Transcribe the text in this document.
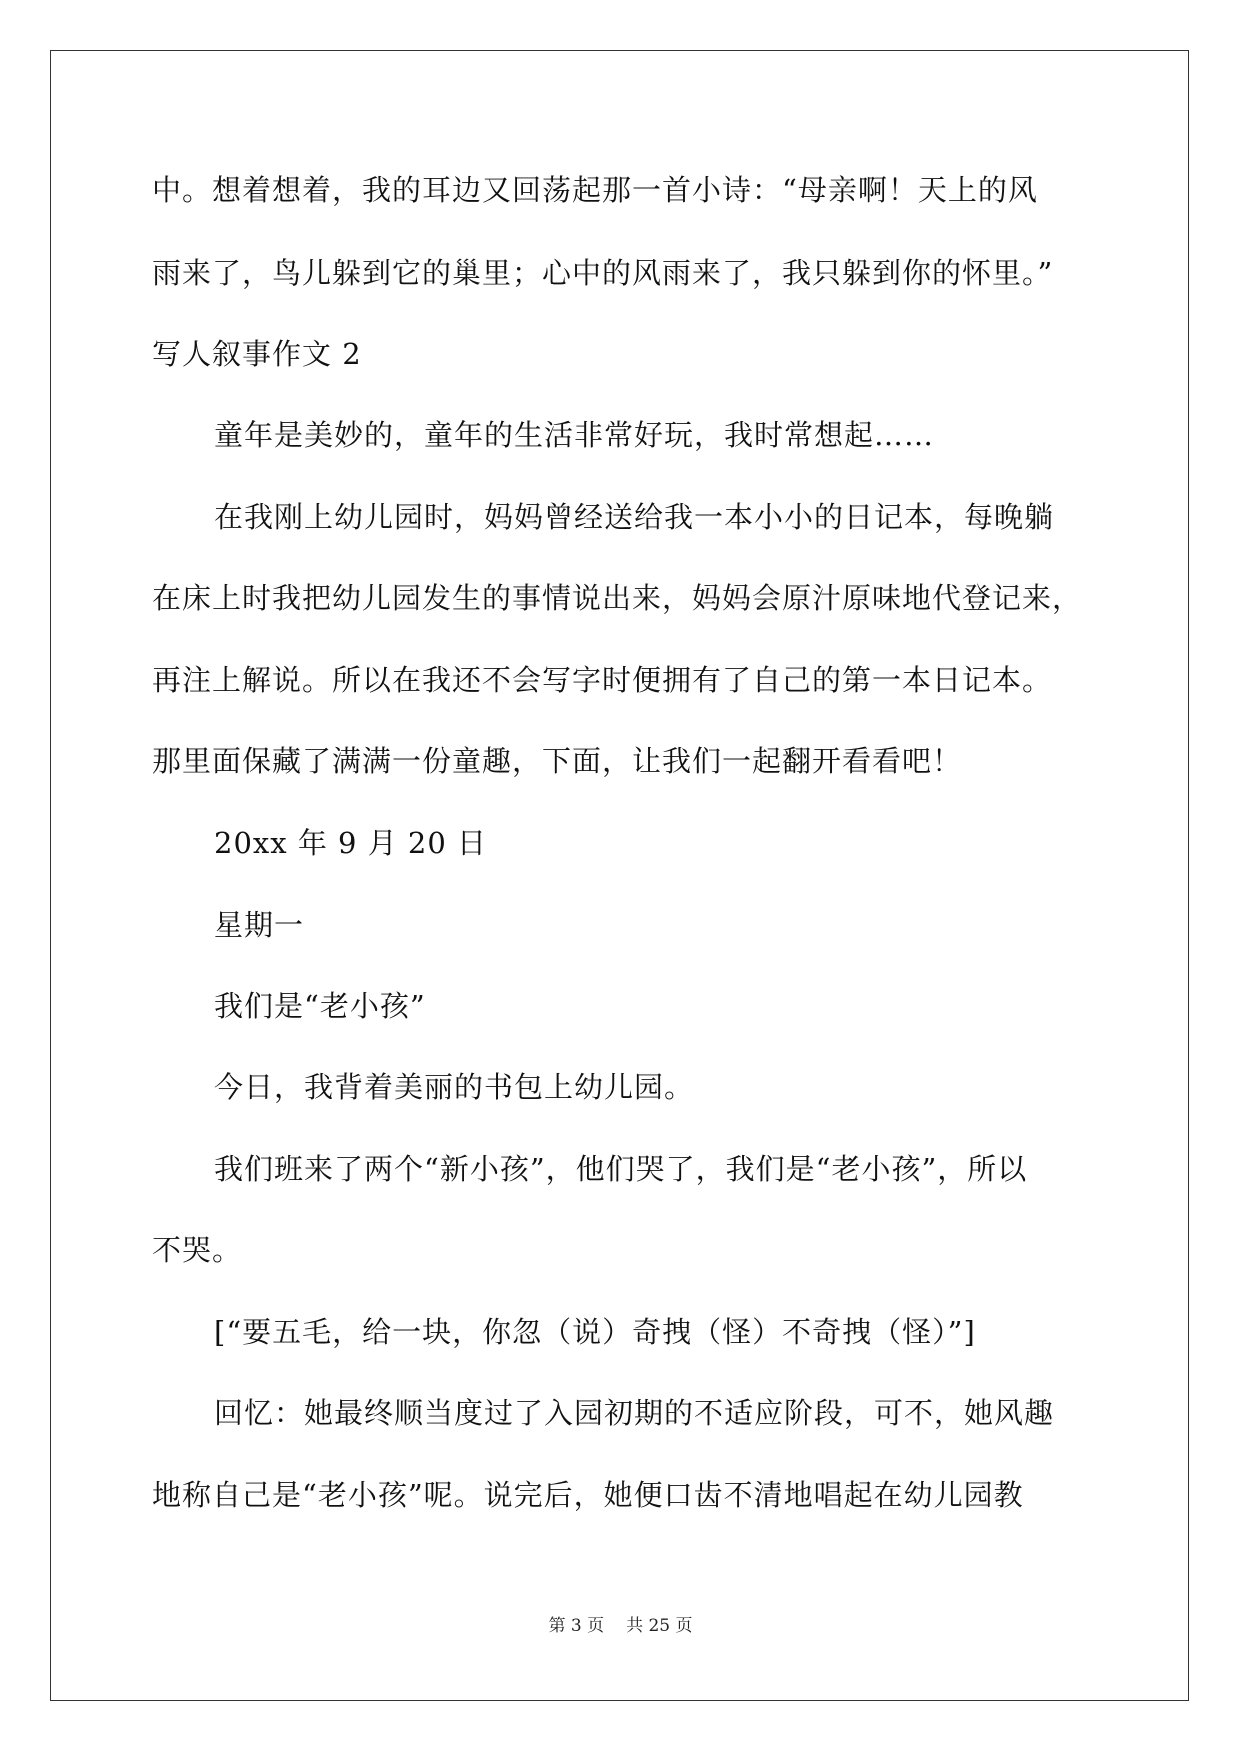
中。想着想着，我的耳边又回荡起那一首小诗：“母亲啊！天上的风
雨来了，鸟儿躲到它的巢里；心中的风雨来了，我只躲到你的怀里。”
写人叙事作文 2
童年是美妙的，童年的生活非常好玩，我时常想起……
在我刚上幼儿园时，妈妈曾经送给我一本小小的日记本，每晚躺
在床上时我把幼儿园发生的事情说出来，妈妈会原汁原味地代登记来，
再注上解说。所以在我还不会写字时便拥有了自己的第一本日记本。
那里面保藏了满满一份童趣，下面，让我们一起翻开看看吧！
20xx 年 9 月 20 日
星期一
我们是“老小孩”
今日，我背着美丽的书包上幼儿园。
我们班来了两个“新小孩”，他们哭了，我们是“老小孩”，所以
不哭。
[“要五毛，给一块，你忽（说）奇拽（怪）不奇拽（怪）”]
回忆：她最终顺当度过了入园初期的不适应阶段，可不，她风趣
地称自己是“老小孩”呢。说完后，她便口齿不清地唱起在幼儿园教
第 3 页 共 25 页
